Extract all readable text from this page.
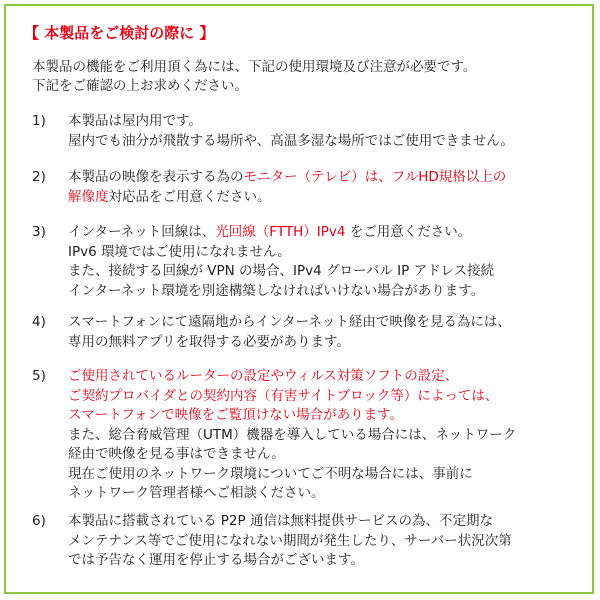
【 本製品をご検討の際に 】
本製品の機能をご利用頂く為には、下記の使用環境及び注意が必要です。
下記をご確認の上お求めください。
1) 本製品は屋内用です。
屋内でも油分が飛散する場所や、高温多湿な場所ではご使用できません。
2) 本製品の映像を表示する為のモニター（テレビ）は、フルHD規格以上の
解像度対応品をご用意ください。
3) インターネット回線は、光回線（FTTH）IPv4 をご用意ください。
IPv6 環境ではご使用になれません。
また、接続する回線が VPN の場合、IPv4 グローバル IP アドレス接続
インターネット環境を別途構築しなければいけない場合があります。
4) スマートフォンにて遠隔地からインターネット経由で映像を見る為には、
専用の無料アプリを取得する必要があります。
5) ご使用されているルーターの設定やウィルス対策ソフトの設定、
ご契約プロバイダとの契約内容（有害サイトブロック等）によっては、
スマートフォンで映像をご覧頂けない場合があります。
また、総合脅威管理（UTM）機器を導入している場合には、ネットワーク
経由で映像を見る事はできません。
現在ご使用のネットワーク環境についてご不明な場合には、事前に
ネットワーク管理者様へご相談ください。
6) 本製品に搭載されている P2P 通信は無料提供サービスの為、不定期な
メンテナンス等でご使用になれない期間が発生したり、サーバー状況次第
では予告なく運用を停止する場合がございます。
